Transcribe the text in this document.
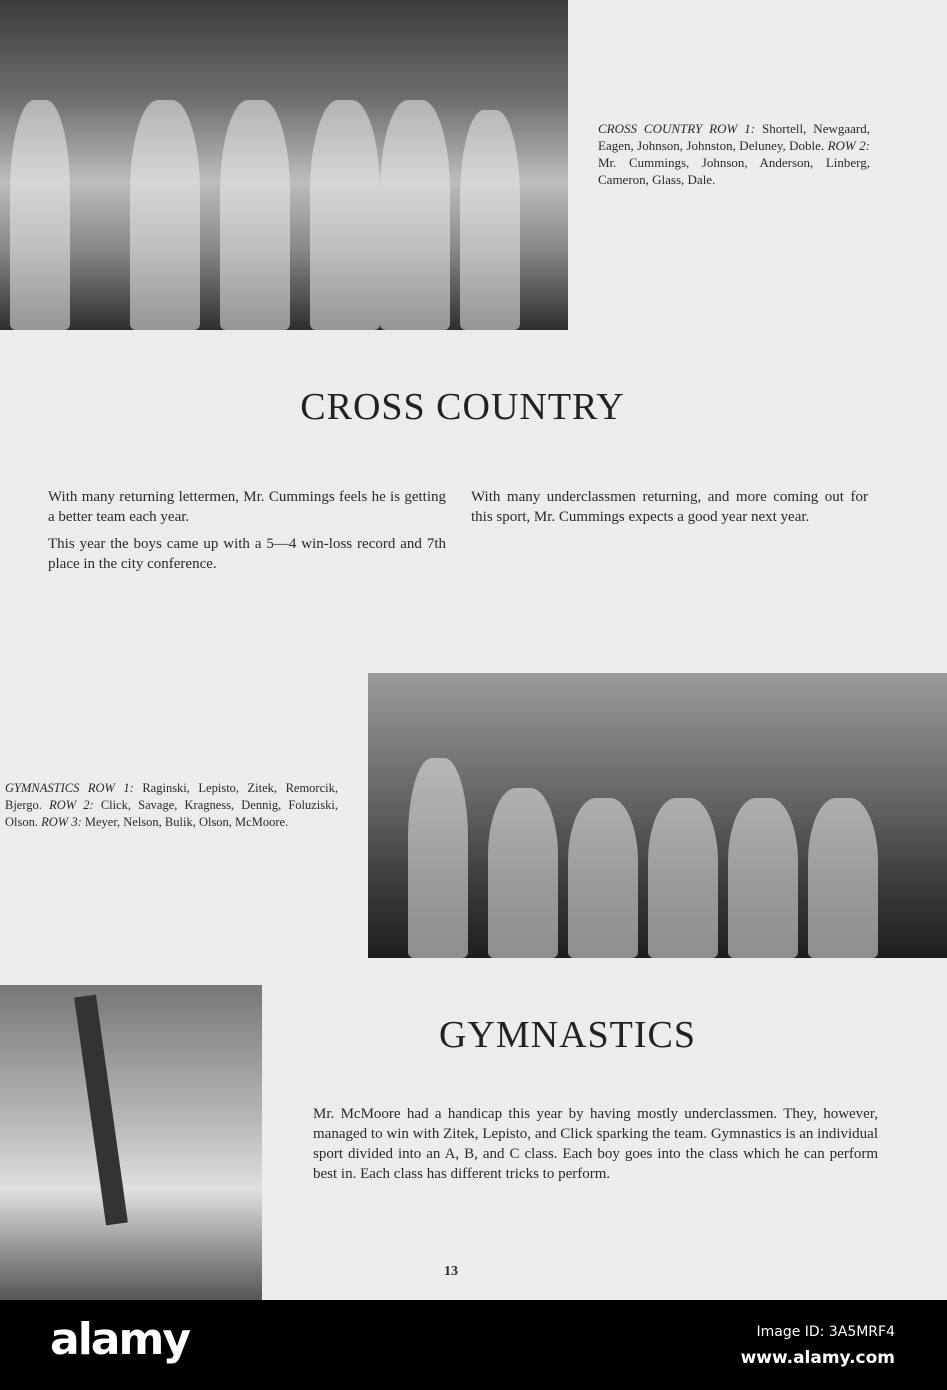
CROSS COUNTRY ROW 1: Shortell, Newgaard, Eagen, Johnson, Johnston, Deluney, Doble. ROW 2: Mr. Cummings, Johnson, Anderson, Linberg, Cameron, Glass, Dale.
CROSS COUNTRY

With many returning lettermen, Mr. Cummings feels he is getting a better team each year.

This year the boys came up with a 5—4 win-loss record and 7th place in the city conference.

With many underclassmen returning, and more coming out for this sport, Mr. Cummings expects a good year next year.

GYMNASTICS ROW 1: Raginski, Lepisto, Zitek, Remorcik, Bjergo. ROW 2: Click, Savage, Kragness, Dennig, Foluziski, Olson. ROW 3: Meyer, Nelson, Bulik, Olson, McMoore.
GYMNASTICS

Mr. McMoore had a handicap this year by having mostly underclassmen. They, however, managed to win with Zitek, Lepisto, and Click sparking the team. Gymnastics is an individual sport divided into an A, B, and C class. Each boy goes into the class which he can perform best in. Each class has different tricks to perform.

13
alamy	Image ID: 3A5MRF4
www.alamy.com
